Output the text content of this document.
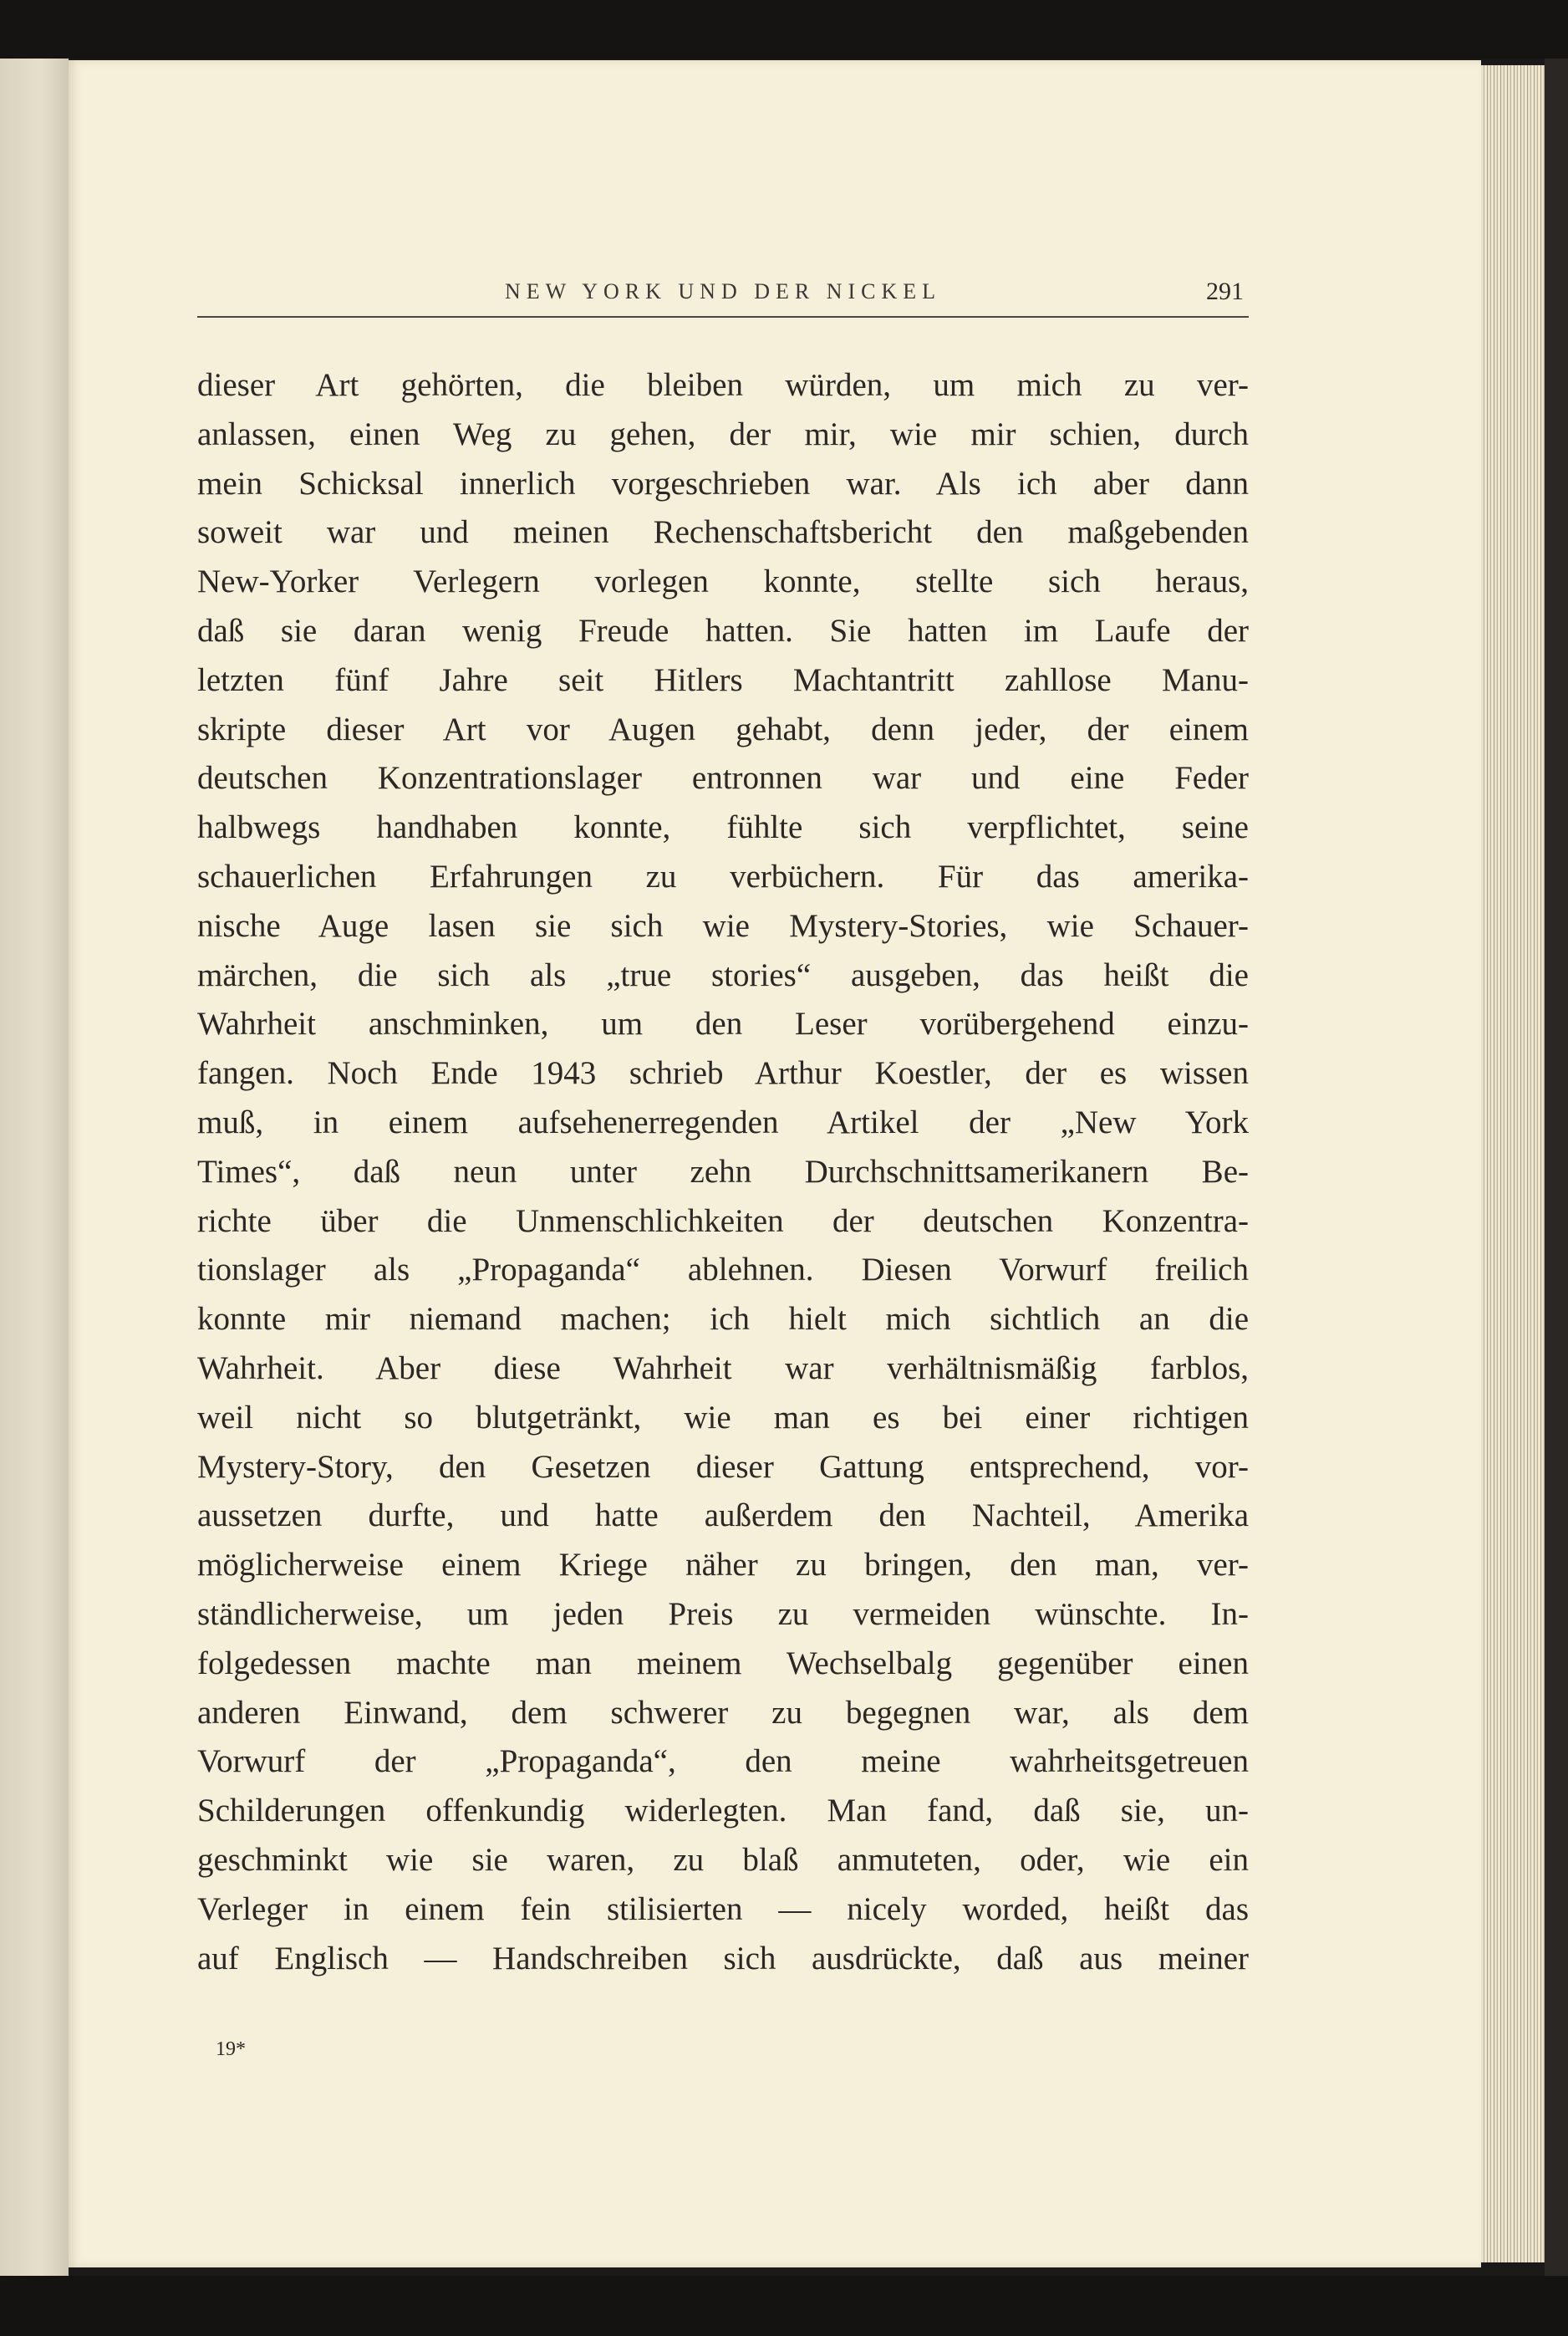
NEW YORK UND DER NICKEL	291
dieser Art gehörten, die bleiben würden, um mich zu ver-
anlassen, einen Weg zu gehen, der mir, wie mir schien, durch
mein Schicksal innerlich vorgeschrieben war. Als ich aber dann
soweit war und meinen Rechenschaftsbericht den maßgebenden
New-Yorker Verlegern vorlegen konnte, stellte sich heraus,
daß sie daran wenig Freude hatten. Sie hatten im Laufe der
letzten fünf Jahre seit Hitlers Machtantritt zahllose Manu-
skripte dieser Art vor Augen gehabt, denn jeder, der einem
deutschen Konzentrationslager entronnen war und eine Feder
halbwegs handhaben konnte, fühlte sich verpflichtet, seine
schauerlichen Erfahrungen zu verbüchern. Für das amerika-
nische Auge lasen sie sich wie Mystery-Stories, wie Schauer-
märchen, die sich als „true stories“ ausgeben, das heißt die
Wahrheit anschminken, um den Leser vorübergehend einzu-
fangen. Noch Ende 1943 schrieb Arthur Koestler, der es wissen
muß, in einem aufsehenerregenden Artikel der „New York
Times“, daß neun unter zehn Durchschnittsamerikanern Be-
richte über die Unmenschlichkeiten der deutschen Konzentra-
tionslager als „Propaganda“ ablehnen. Diesen Vorwurf freilich
konnte mir niemand machen; ich hielt mich sichtlich an die
Wahrheit. Aber diese Wahrheit war verhältnismäßig farblos,
weil nicht so blutgetränkt, wie man es bei einer richtigen
Mystery-Story, den Gesetzen dieser Gattung entsprechend, vor-
aussetzen durfte, und hatte außerdem den Nachteil, Amerika
möglicherweise einem Kriege näher zu bringen, den man, ver-
ständlicherweise, um jeden Preis zu vermeiden wünschte. In-
folgedessen machte man meinem Wechselbalg gegenüber einen
anderen Einwand, dem schwerer zu begegnen war, als dem
Vorwurf der „Propaganda“, den meine wahrheitsgetreuen
Schilderungen offenkundig widerlegten. Man fand, daß sie, un-
geschminkt wie sie waren, zu blaß anmuteten, oder, wie ein
Verleger in einem fein stilisierten — nicely worded, heißt das
auf Englisch — Handschreiben sich ausdrückte, daß aus meiner
19*
